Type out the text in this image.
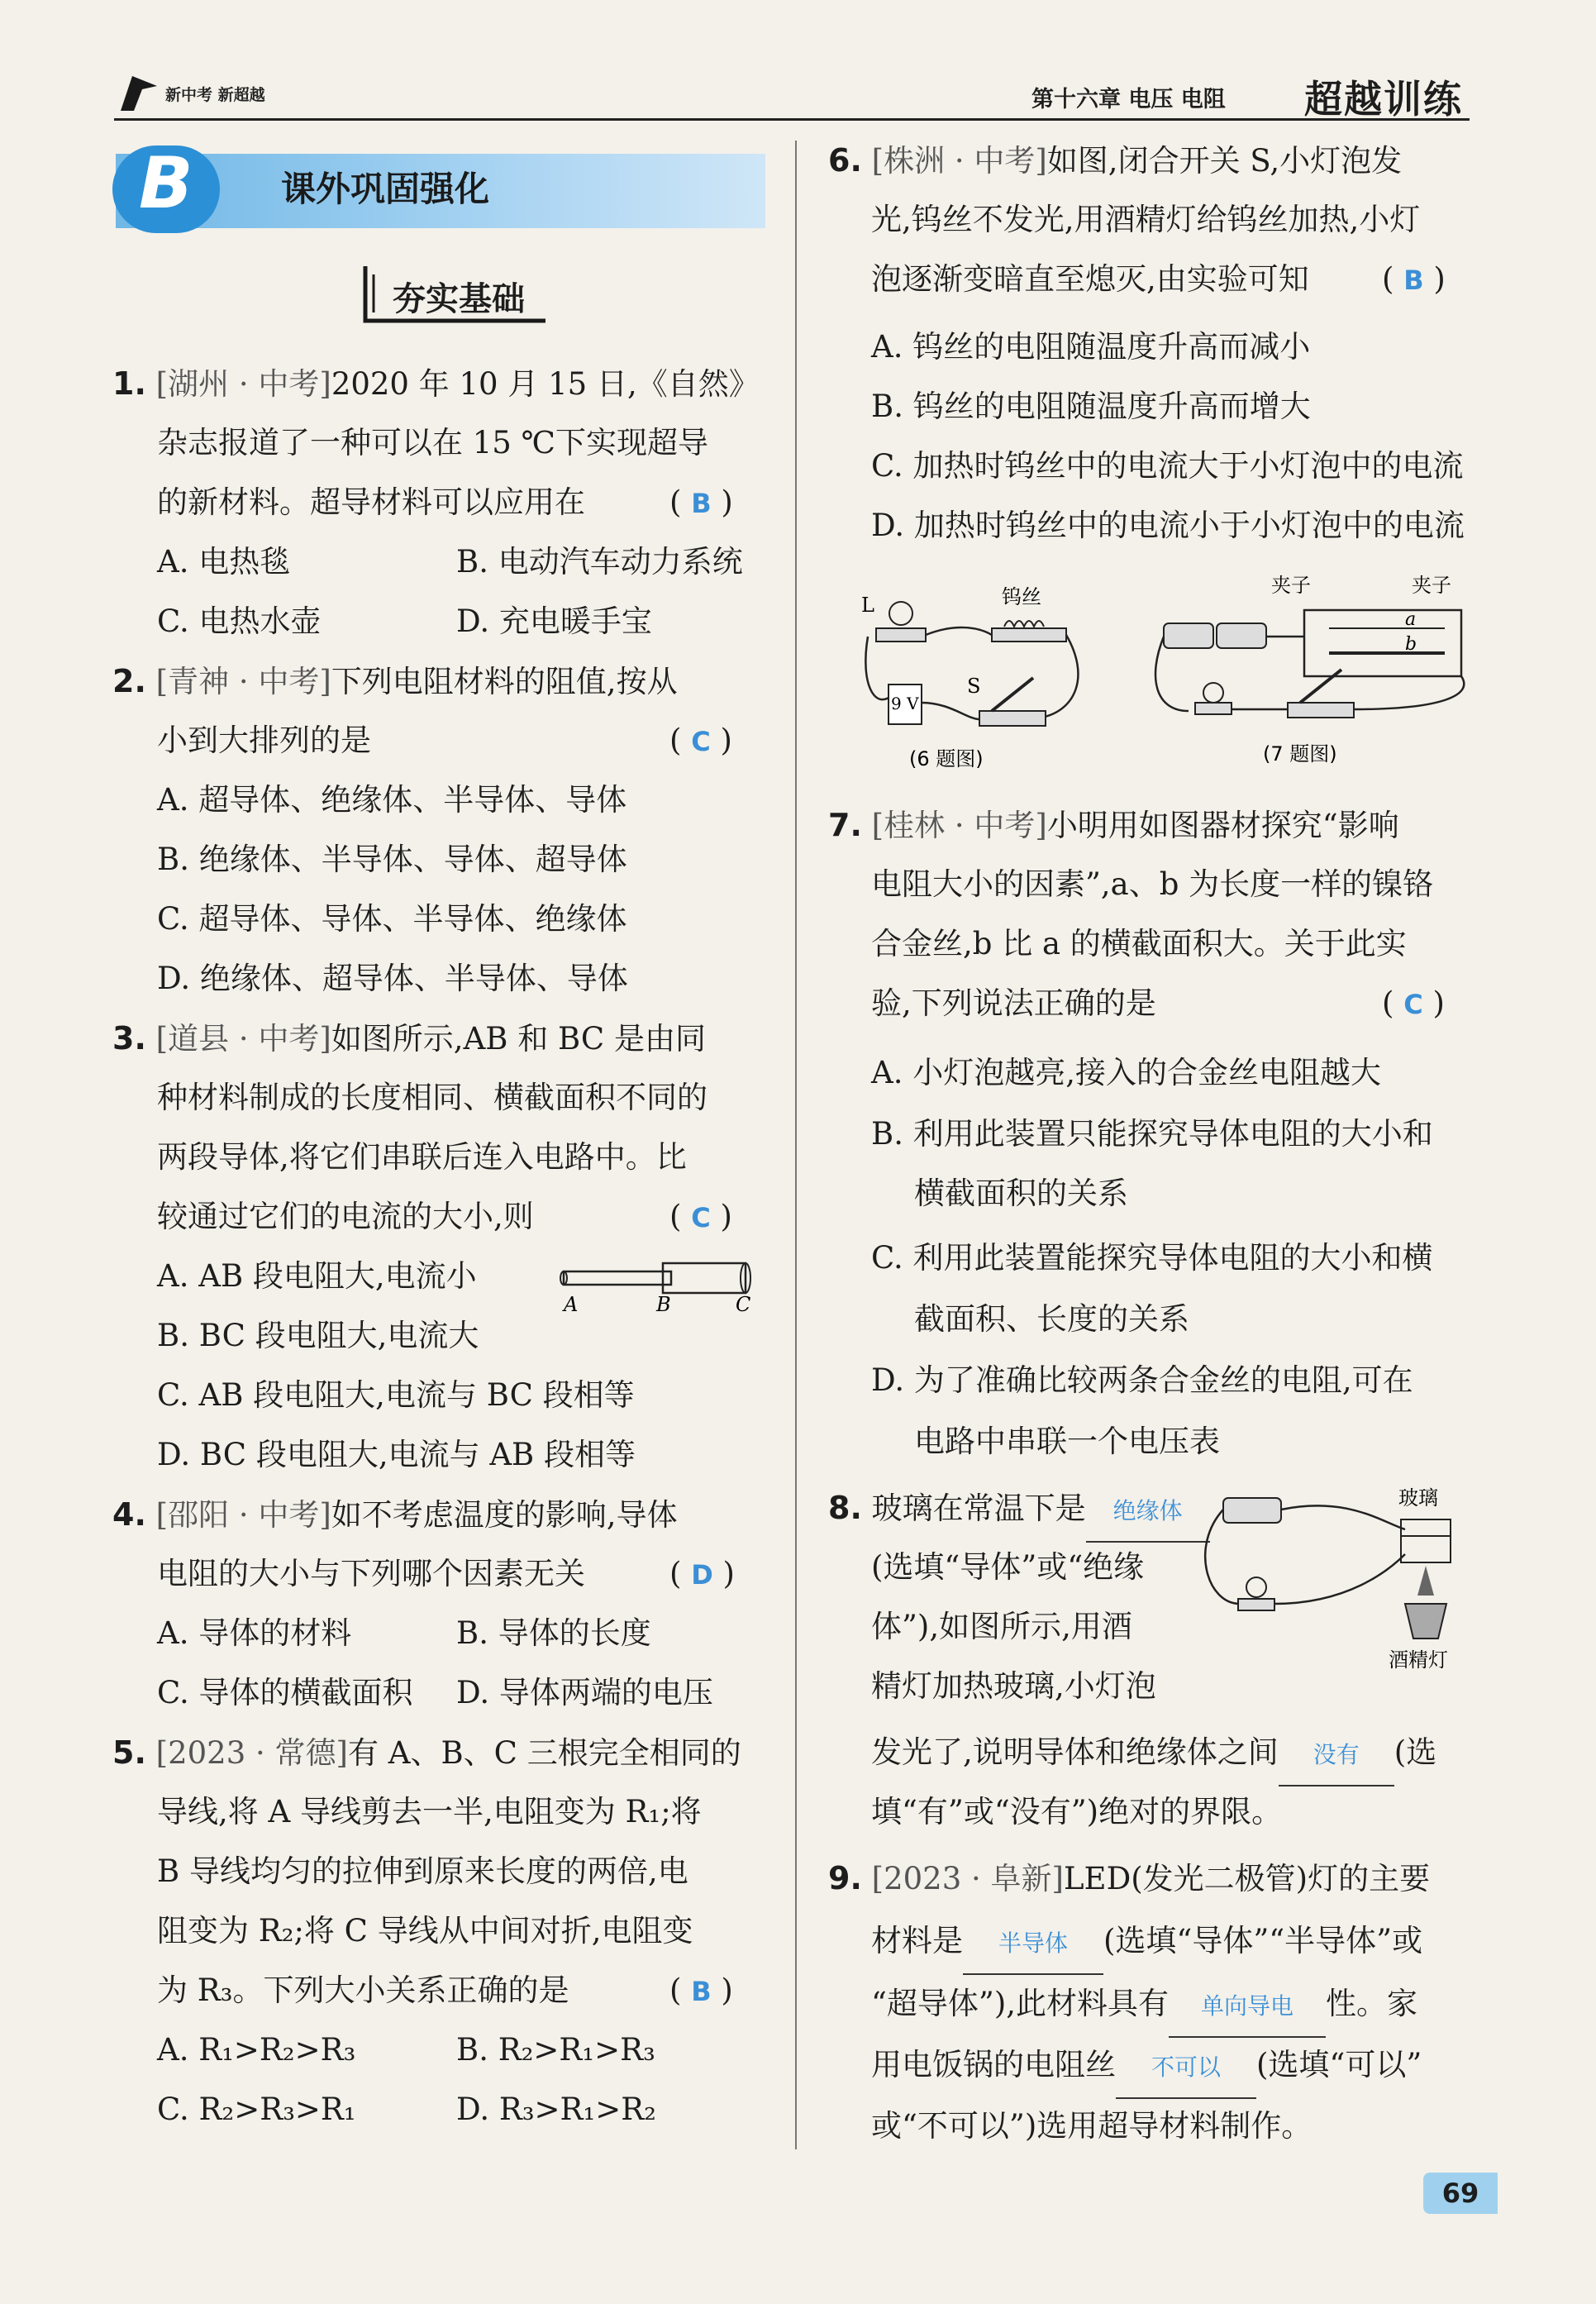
新中考 新超越	第十六章 电压 电阻 超越训练
B	课外巩固强化
夯实基础
1. [湖州 · 中考]2020 年 10 月 15 日,《自然》
杂志报道了一种可以在 15 ℃下实现超导
的新材料。超导材料可以应用在	( B )
A. 电热毯	B. 电动汽车动力系统
C. 电热水壶	D. 充电暖手宝
2. [青神 · 中考]下列电阻材料的阻值,按从
小到大排列的是	( C )
A. 超导体、绝缘体、半导体、导体
B. 绝缘体、半导体、导体、超导体
C. 超导体、导体、半导体、绝缘体
D. 绝缘体、超导体、半导体、导体
3. [道县 · 中考]如图所示,AB 和 BC 是由同
种材料制成的长度相同、横截面积不同的
两段导体,将它们串联后连入电路中。比
较通过它们的电流的大小,则	( C )
A. AB 段电阻大,电流小
B. BC 段电阻大,电流大
C. AB 段电阻大,电流与 BC 段相等
D. BC 段电阻大,电流与 AB 段相等
A	B	C
4. [邵阳 · 中考]如不考虑温度的影响,导体
电阻的大小与下列哪个因素无关	( D )
A. 导体的材料	B. 导体的长度
C. 导体的横截面积 D. 导体两端的电压
5. [2023 · 常德]有 A、B、C 三根完全相同的
导线,将 A 导线剪去一半,电阻变为 R₁;将
B 导线均匀的拉伸到原来长度的两倍,电
阻变为 R₂;将 C 导线从中间对折,电阻变
为 R₃。下列大小关系正确的是	( B )
A. R₁>R₂>R₃	B. R₂>R₁>R₃
C. R₂>R₃>R₁	D. R₃>R₁>R₂
6. [株洲 · 中考]如图,闭合开关 S,小灯泡发
光,钨丝不发光,用酒精灯给钨丝加热,小灯
泡逐渐变暗直至熄灭,由实验可知 ( B )
A. 钨丝的电阻随温度升高而减小
B. 钨丝的电阻随温度升高而增大
C. 加热时钨丝中的电流大于小灯泡中的电流
D. 加热时钨丝中的电流小于小灯泡中的电流
L	钨丝
S
9 V
(6 题图)
夹子	夹子
a
b
(7 题图)
7. [桂林 · 中考]小明用如图器材探究“影响
电阻大小的因素”,a、b 为长度一样的镍铬
合金丝,b 比 a 的横截面积大。关于此实
验,下列说法正确的是	( C )
A. 小灯泡越亮,接入的合金丝电阻越大
B. 利用此装置只能探究导体电阻的大小和
横截面积的关系
C. 利用此装置能探究导体电阻的大小和横
截面积、长度的关系
D. 为了准确比较两条合金丝的电阻,可在
电路中串联一个电压表
8. 玻璃在常温下是 绝缘体
(选填“导体”或“绝缘
体”),如图所示,用酒
精灯加热玻璃,小灯泡
发光了,说明导体和绝缘体之间 没有 (选
填“有”或“没有”)绝对的界限。
玻璃
酒精灯
9. [2023 · 阜新]LED(发光二极管)灯的主要
材料是 半导体 (选填“导体”“半导体”或
“超导体”),此材料具有 单向导电 性。家
用电饭锅的电阻丝 不可以 (选填“可以”
或“不可以”)选用超导材料制作。
69
